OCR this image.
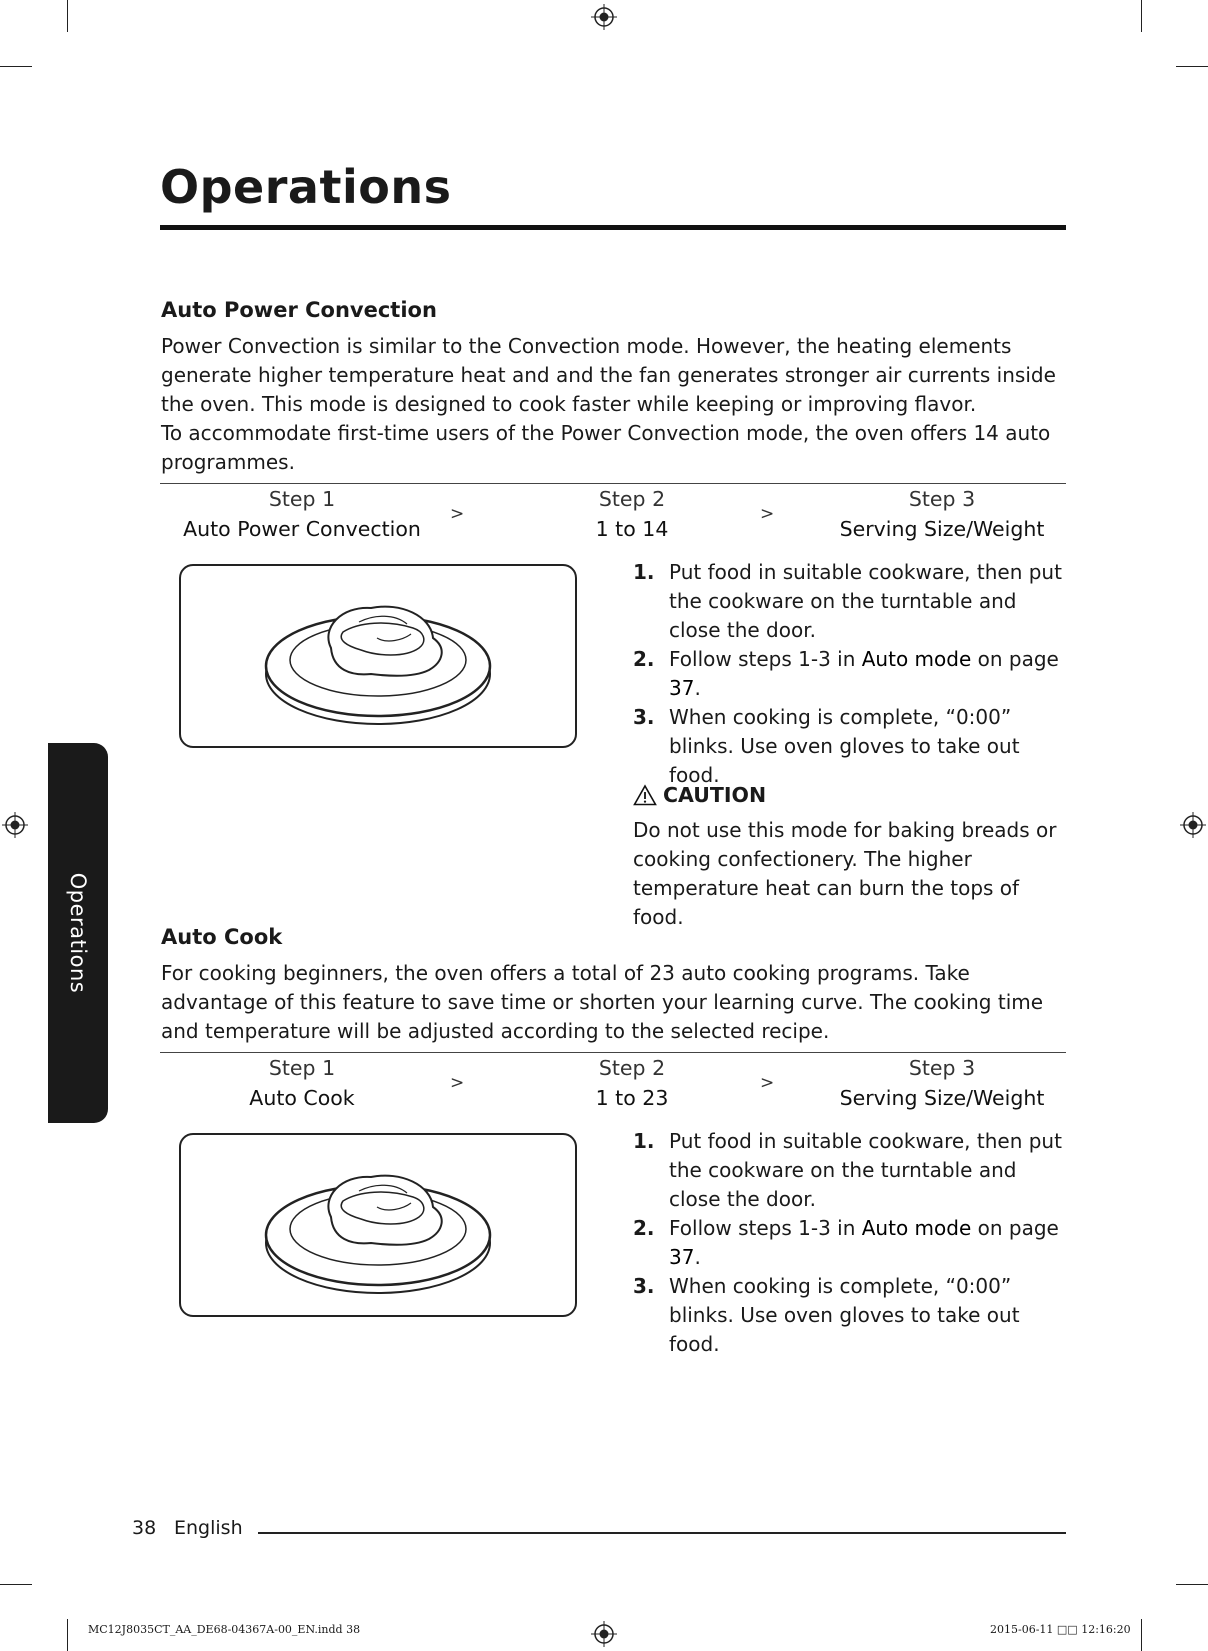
Operations
Operations
Auto Power Convection

Power Convection is similar to the Convection mode. However, the heating elements generate higher temperature heat and and the fan generates stronger air currents inside the oven. This mode is designed to cook faster while keeping or improving flavor.

To accommodate first-time users of the Power Convection mode, the oven offers 14 auto programmes.

Step 1
Auto Power Convection
>
Step 2
1 to 14
>
Step 3
Serving Size/Weight
1. Put food in suitable cookware, then put the cookware on the turntable and close the door.
2. Follow steps 1-3 in Auto mode on page 37.
3. When cooking is complete, “0:00” blinks. Use oven gloves to take out food.
CAUTION
Do not use this mode for baking breads or cooking confectionery. The higher temperature heat can burn the tops of food.
Auto Cook

For cooking beginners, the oven offers a total of 23 auto cooking programs. Take advantage of this feature to save time or shorten your learning curve. The cooking time and temperature will be adjusted according to the selected recipe.

Step 1
Auto Cook
>
Step 2
1 to 23
>
Step 3
Serving Size/Weight
1. Put food in suitable cookware, then put the cookware on the turntable and close the door.
2. Follow steps 1-3 in Auto mode on page 37.
3. When cooking is complete, “0:00” blinks. Use oven gloves to take out food.
38 English
MC12J8035CT_AA_DE68-04367A-00_EN.indd 38	2015-06-11 □□ 12:16:20
